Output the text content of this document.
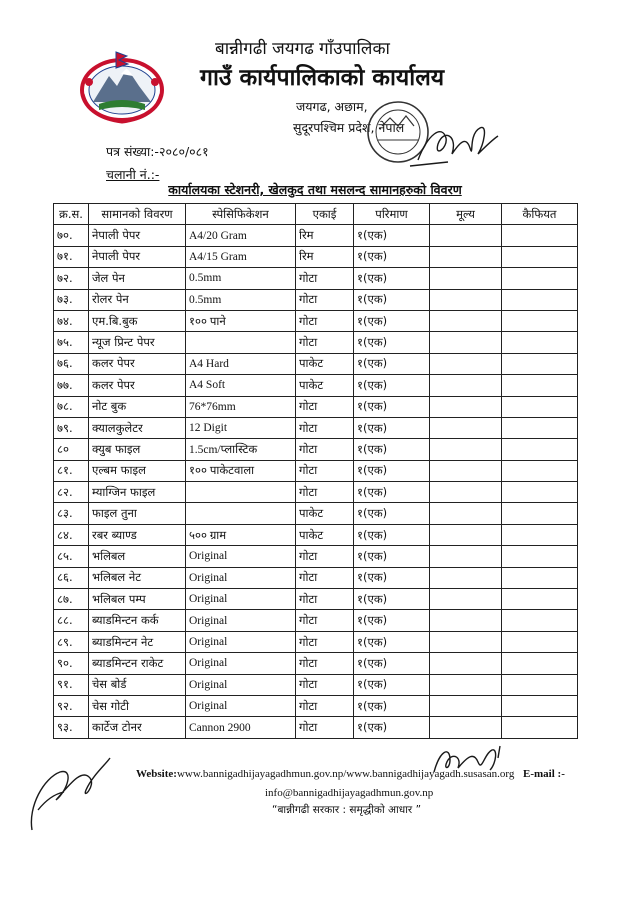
बान्नीगढी जयगढ गाँउपालिका
गाउँ कार्यपालिकाको कार्यालय
जयगढ, अछाम,
सुदूरपश्चिम प्रदेश, नेपाल
पत्र संख्या:-२०८०/०८१
चलानी नं.:-
कार्यालयका स्टेशनरी, खेलकुद तथा मसलन्द सामानहरुको विवरण
क्र.स.	सामानको विवरण	स्पेसिफिकेशन	एकाई	परिमाण	मूल्य	कैफियत
७०.	नेपाली पेपर	A4/20 Gram	रिम	१(एक)		
७१.	नेपाली पेपर	A4/15 Gram	रिम	१(एक)		
७२.	जेल पेन	0.5mm	गोटा	१(एक)		
७३.	रोलर पेन	0.5mm	गोटा	१(एक)		
७४.	एम.बि.बुक	१०० पाने	गोटा	१(एक)		
७५.	न्यूज प्रिन्ट पेपर		गोटा	१(एक)		
७६.	कलर पेपर	A4 Hard	पाकेट	१(एक)		
७७.	कलर पेपर	A4 Soft	पाकेट	१(एक)		
७८.	नोट बुक	76*76mm	गोटा	१(एक)		
७९.	क्यालकुलेटर	12 Digit	गोटा	१(एक)		
८०	क्युब फाइल	1.5cm/प्लास्टिक	गोटा	१(एक)		
८१.	एल्बम फाइल	१०० पाकेटवाला	गोटा	१(एक)		
८२.	म्याग्जिन फाइल		गोटा	१(एक)		
८३.	फाइल तुना		पाकेट	१(एक)		
८४.	रबर ब्याण्ड	५०० ग्राम	पाकेट	१(एक)		
८५.	भलिबल	Original	गोटा	१(एक)		
८६.	भलिबल नेट	Original	गोटा	१(एक)		
८७.	भलिबल पम्प	Original	गोटा	१(एक)		
८८.	ब्याडमिन्टन कर्क	Original	गोटा	१(एक)		
८९.	ब्याडमिन्टन नेट	Original	गोटा	१(एक)		
९०.	ब्याडमिन्टन राकेट	Original	गोटा	१(एक)		
९१.	चेस बोर्ड	Original	गोटा	१(एक)		
९२.	चेस गोटी	Original	गोटा	१(एक)		
९३.	कार्टेज टोनर	Cannon 2900	गोटा	१(एक)		
Website:www.bannigadhijayagadhmun.gov.np/www.bannigadhijayagadh.susasan.org E-mail :-
info@bannigadhijayagadhmun.gov.np
“बान्नीगढी सरकार : समृद्धीको आधार ”
